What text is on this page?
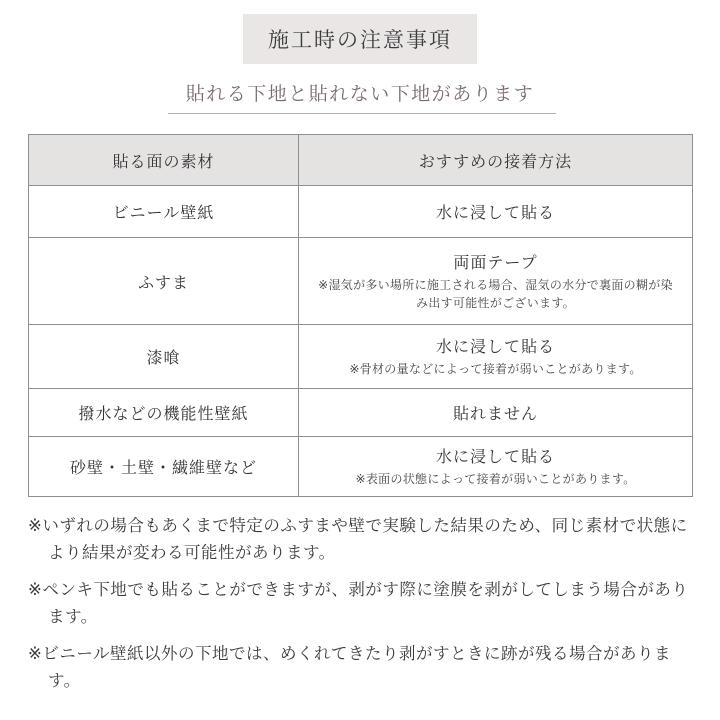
施工時の注意事項
貼れる下地と貼れない下地があります
貼る面の素材	おすすめの接着方法
ビニール壁紙	水に浸して貼る

ふすま	両面テープ
※湿気が多い場所に施工される場合、湿気の水分で裏面の糊が染み出す可能性がございます。

漆喰	水に浸して貼る
※骨材の量などによって接着が弱いことがあります。

撥水などの機能性壁紙	貼れません

砂壁・土壁・繊維壁など	水に浸して貼る
※表面の状態によって接着が弱いことがあります。

※いずれの場合もあくまで特定のふすまや壁で実験した結果のため、同じ素材で状態により結果が変わる可能性があります。

※ペンキ下地でも貼ることができますが、剥がす際に塗膜を剥がしてしまう場合があります。

※ビニール壁紙以外の下地では、めくれてきたり剥がすときに跡が残る場合があります。
